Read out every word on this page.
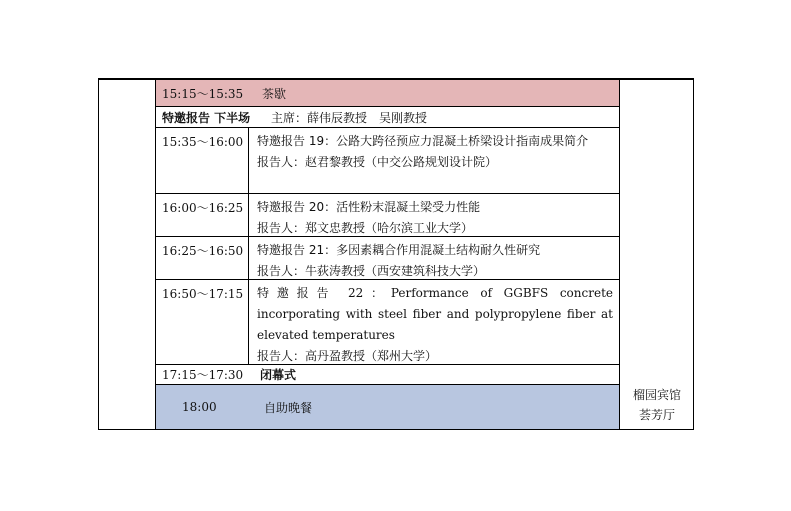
15:15～15:35 茶歇
特邀报告 下半场 主席：薛伟辰教授　吴刚教授
15:35～16:00	特邀报告 19：公路大跨径预应力混凝土桥梁设计指南成果简介
报告人：赵君黎教授（中交公路规划设计院）
16:00～16:25	特邀报告 20：活性粉末混凝土梁受力性能
报告人：郑文忠教授（哈尔滨工业大学）
16:25～16:50	特邀报告 21：多因素耦合作用混凝土结构耐久性研究
报告人：牛荻涛教授（西安建筑科技大学）
16:50～17:15	特邀报告 22：Performance of GGBFS concrete incorporating with steel fiber and polypropylene fiber at elevated temperatures
报告人：高丹盈教授（郑州大学）
17:15～17:30 闭幕式
18:00	自助晚餐
榴园宾馆
荟芳厅
